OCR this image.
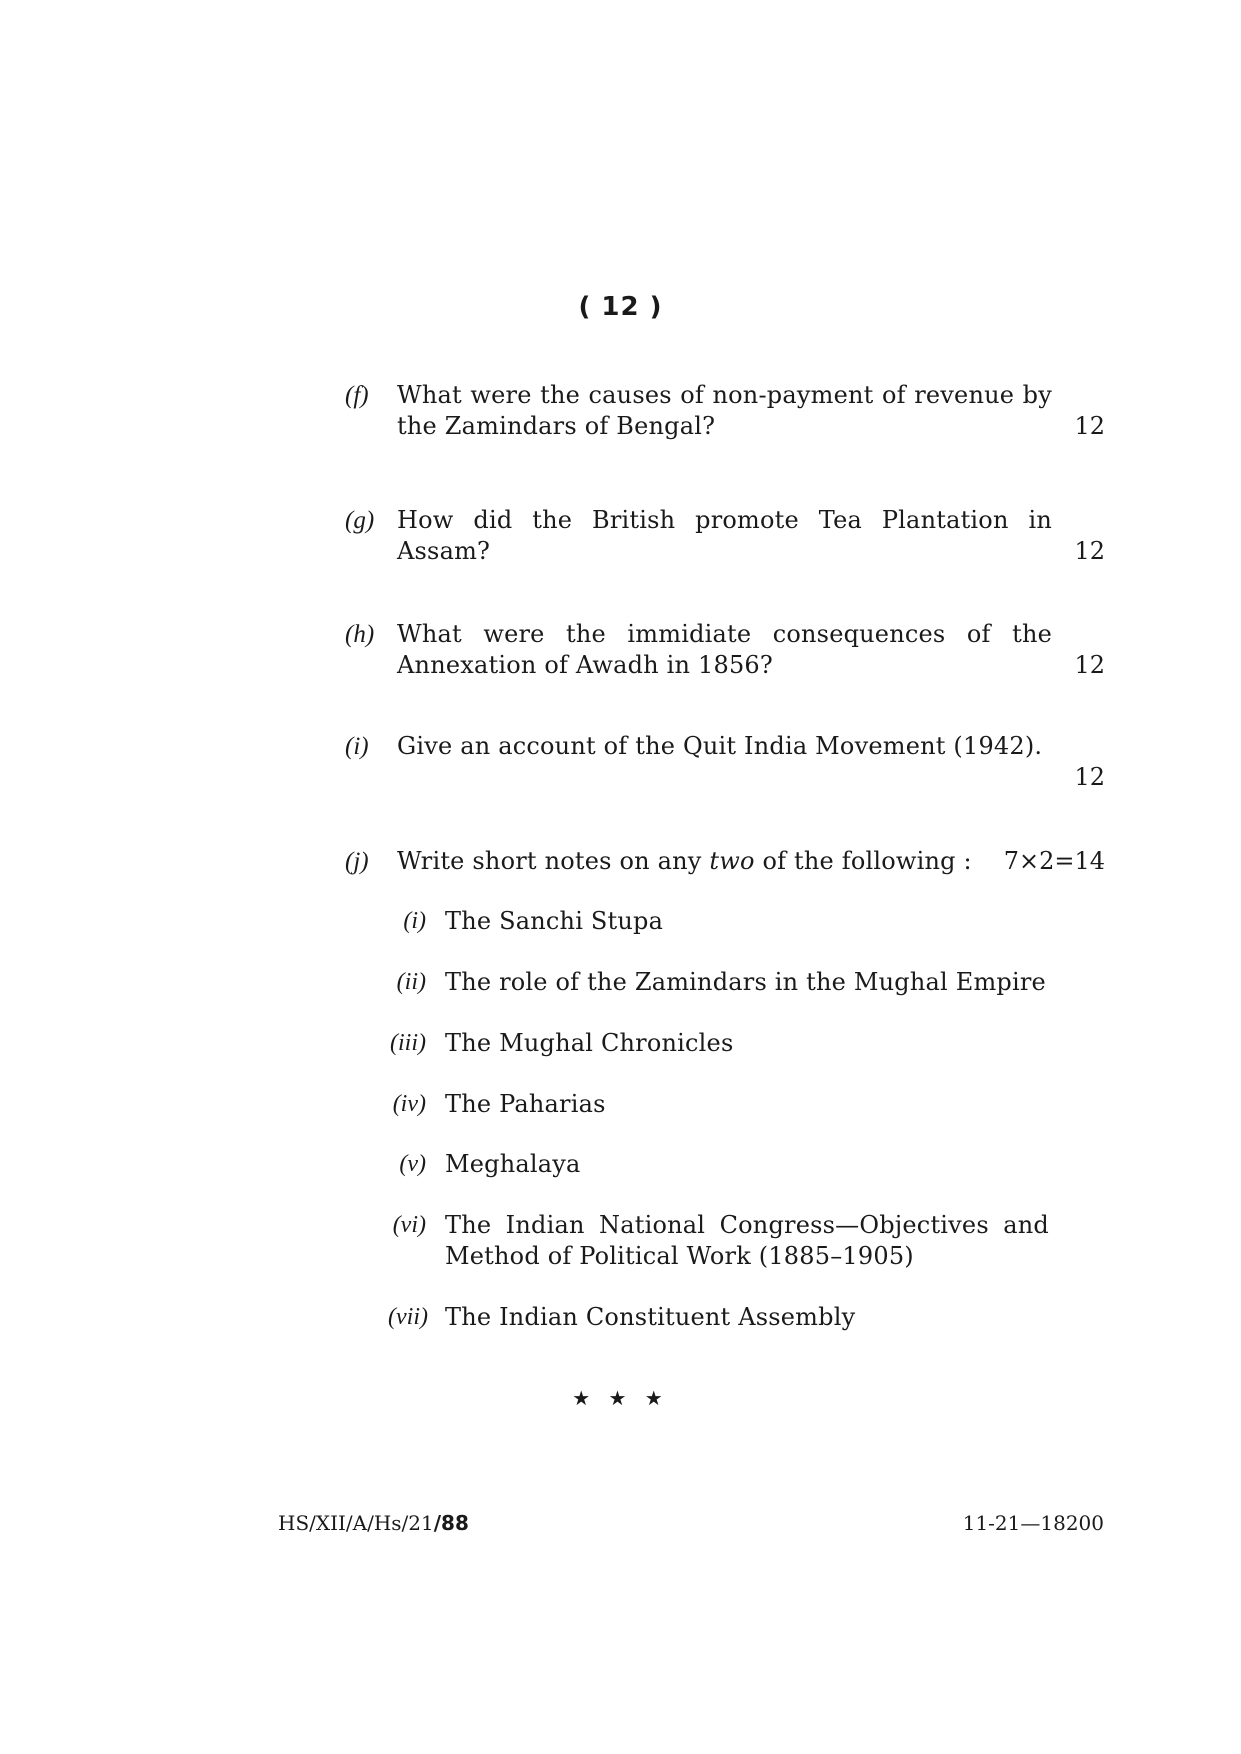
( 12 )
(f) What were the causes of non-payment of revenue by the Zamindars of Bengal?	12
(g) How did the British promote Tea Plantation in Assam?	12
(h) What were the immidiate consequences of the Annexation of Awadh in 1856?	12
(i) Give an account of the Quit India Movement (1942).
12
(j) Write short notes on any two of the following :	7×2=14
(i) The Sanchi Stupa
(ii) The role of the Zamindars in the Mughal Empire
(iii) The Mughal Chronicles
(iv) The Paharias
(v) Meghalaya
(vi) The Indian National Congress—Objectives and Method of Political Work (1885–1905)
(vii) The Indian Constituent Assembly

★ ★ ★

HS/XII/A/Hs/21/88	11-21—18200
